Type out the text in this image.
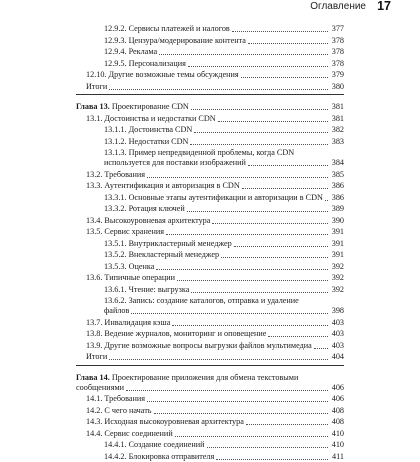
Оглавление 17
12.9.2. Сервисы платежей и налогов	377
12.9.3. Цензура/модерирование контента	378
12.9.4. Реклама	378
12.9.5. Персонализация	378
12.10. Другие возможные темы обсуждения	379
Итоги	380
Глава 13. Проектирование CDN	381
13.1. Достоинства и недостатки CDN	381
13.1.1. Достоинства CDN	382
13.1.2. Недостатки CDN	383
13.1.3. Пример непредвиденной проблемы, когда CDN
используется для поставки изображений	384
13.2. Требования	385
13.3. Аутентификация и авторизация в CDN	386
13.3.1. Основные этапы аутентификации и авторизации в CDN 386
13.3.2. Ротация ключей	389
13.4. Высокоуровневая архитектура	390
13.5. Сервис хранения	391
13.5.1. Внутрикластерный менеджер	391
13.5.2. Внекластерный менеджер	391
13.5.3. Оценка	392
13.6. Типичные операции	392
13.6.1. Чтение: выгрузка	392
13.6.2. Запись: создание каталогов, отправка и удаление
файлов	398
13.7. Инвалидация кэша	403
13.8. Ведение журналов, мониторинг и оповещение	403
13.9. Другие возможные вопросы выгрузки файлов мультимедиа 403
Итоги	404
Глава 14. Проектирование приложения для обмена текстовыми
сообщениями	406
14.1. Требования	406
14.2. С чего начать	408
14.3. Исходная высокоуровневая архитектура	408
14.4. Сервис соединений	410
14.4.1. Создание соединений	410
14.4.2. Блокировка отправителя	411
